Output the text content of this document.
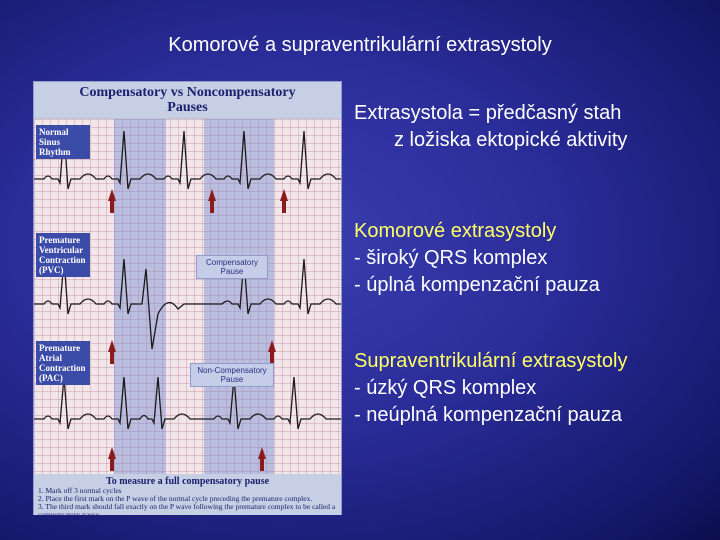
Komorové a supraventrikulární extrasystoly
Compensatory vs Noncompensatory
Pauses
Normal Sinus Rhythm
Premature Ventricular Contraction (PVC)
Premature Atrial Contraction (PAC)
Compensatory Pause
Non-Compensatory Pause
To measure a full compensatory pause
1. Mark off 3 normal cycles
2. Place the first mark on the P wave of the normal cycle preceding the premature complex.
3. The third mark should fall exactly on the P wave following the premature complex to be called a compensatory pause.
Extrasystola = předčasný stah
z ložiska ektopické aktivity
Komorové extrasystoly
- široký QRS komplex
- úplná kompenzační pauza
Supraventrikulární extrasystoly
- úzký QRS komplex
- neúplná kompenzační pauza
